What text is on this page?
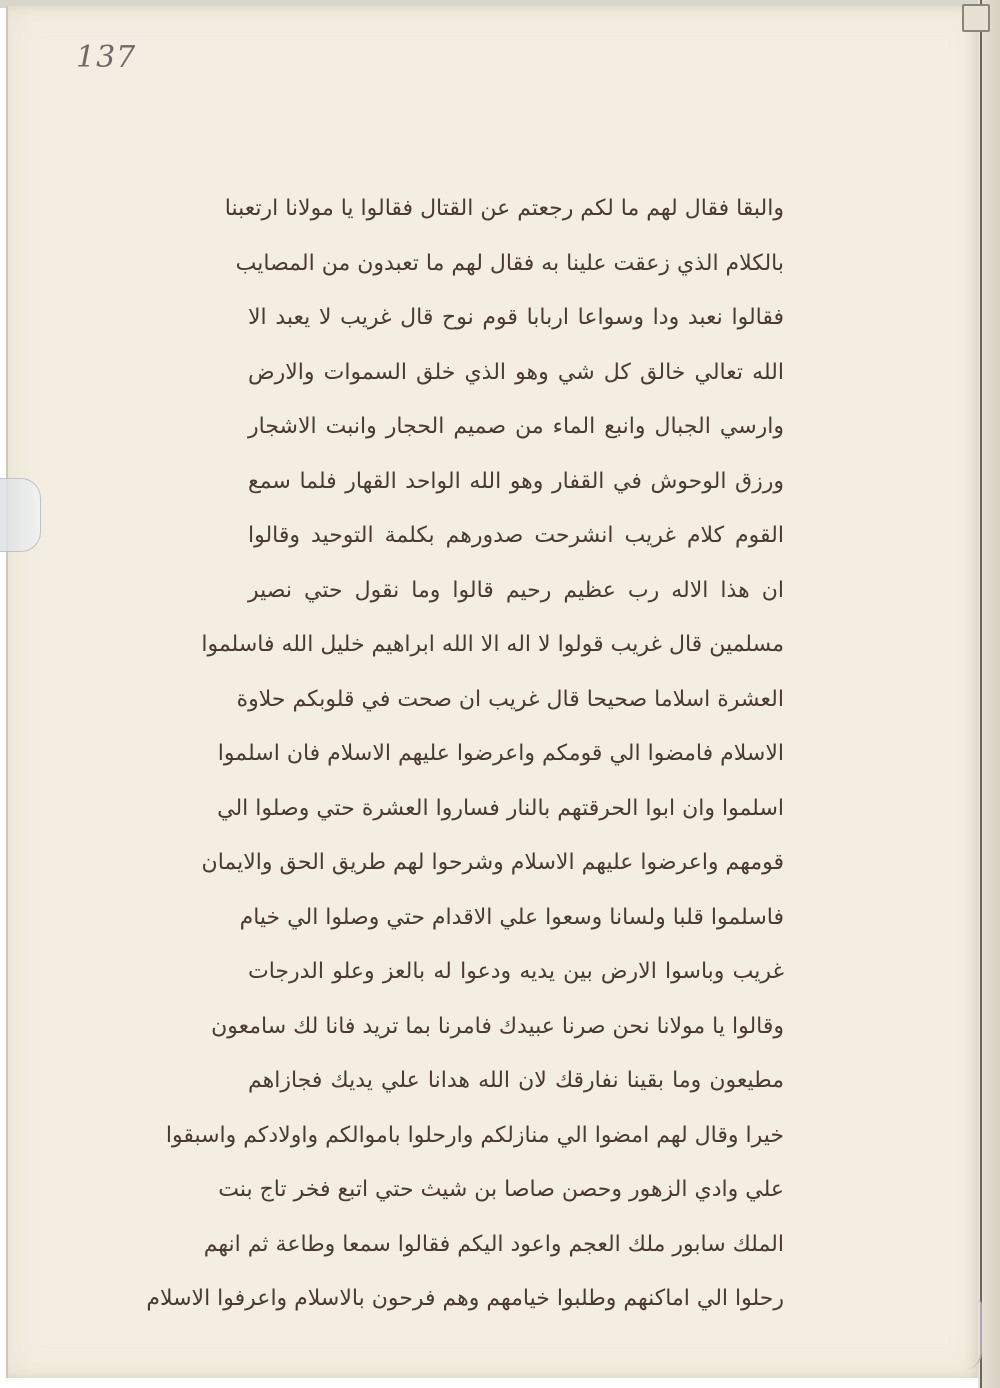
137
والبقا فقال لهم ما لكم رجعتم عن القتال فقالوا يا مولانا ارتعبنا
بالكلام الذي زعقت علينا به فقال لهم ما تعبدون من المصايب
فقالوا نعبد ودا وسواعا اربابا قوم نوح قال غريب لا يعبد الا
الله تعالي خالق كل شي وهو الذي خلق السموات والارض
وارسي الجبال وانبع الماء من صميم الحجار وانبت الاشجار
ورزق الوحوش في القفار وهو الله الواحد القهار فلما سمع
القوم كلام غريب انشرحت صدورهم بكلمة التوحيد وقالوا
ان هذا الاله رب عظيم رحيم قالوا وما نقول حتي نصير
مسلمين قال غريب قولوا لا اله الا الله ابراهيم خليل الله فاسلموا
العشرة اسلاما صحيحا قال غريب ان صحت في قلوبكم حلاوة
الاسلام فامضوا الي قومكم واعرضوا عليهم الاسلام فان اسلموا
اسلموا وان ابوا الحرقتهم بالنار فساروا العشرة حتي وصلوا الي
قومهم واعرضوا عليهم الاسلام وشرحوا لهم طريق الحق والايمان
فاسلموا قلبا ولسانا وسعوا علي الاقدام حتي وصلوا الي خيام
غريب وباسوا الارض بين يديه ودعوا له بالعز وعلو الدرجات
وقالوا يا مولانا نحن صرنا عبيدك فامرنا بما تريد فانا لك سامعون
مطيعون وما بقينا نفارقك لان الله هدانا علي يديك فجازاهم
خيرا وقال لهم امضوا الي منازلكم وارحلوا باموالكم واولادكم واسبقوا
علي وادي الزهور وحصن صاصا بن شيث حتي اتبع فخر تاج بنت
الملك سابور ملك العجم واعود اليكم فقالوا سمعا وطاعة ثم انهم
رحلوا الي اماكنهم وطلبوا خيامهم وهم فرحون بالاسلام واعرفوا الاسلام
